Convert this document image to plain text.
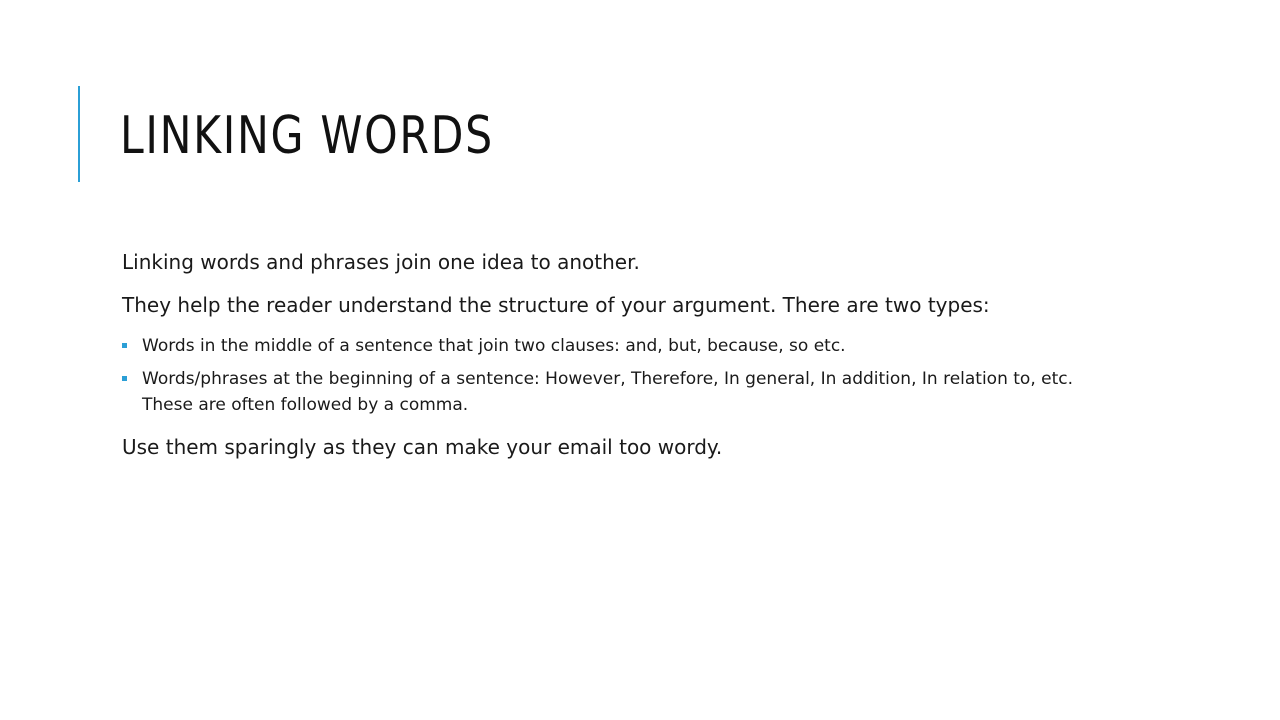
LINKING WORDS

Linking words and phrases join one idea to another.

They help the reader understand the structure of your argument. There are two types:

Words in the middle of a sentence that join two clauses: and, but, because, so etc.
Words/phrases at the beginning of a sentence: However, Therefore, In general, In addition, In relation to, etc. These are often followed by a comma.

Use them sparingly as they can make your email too wordy.
